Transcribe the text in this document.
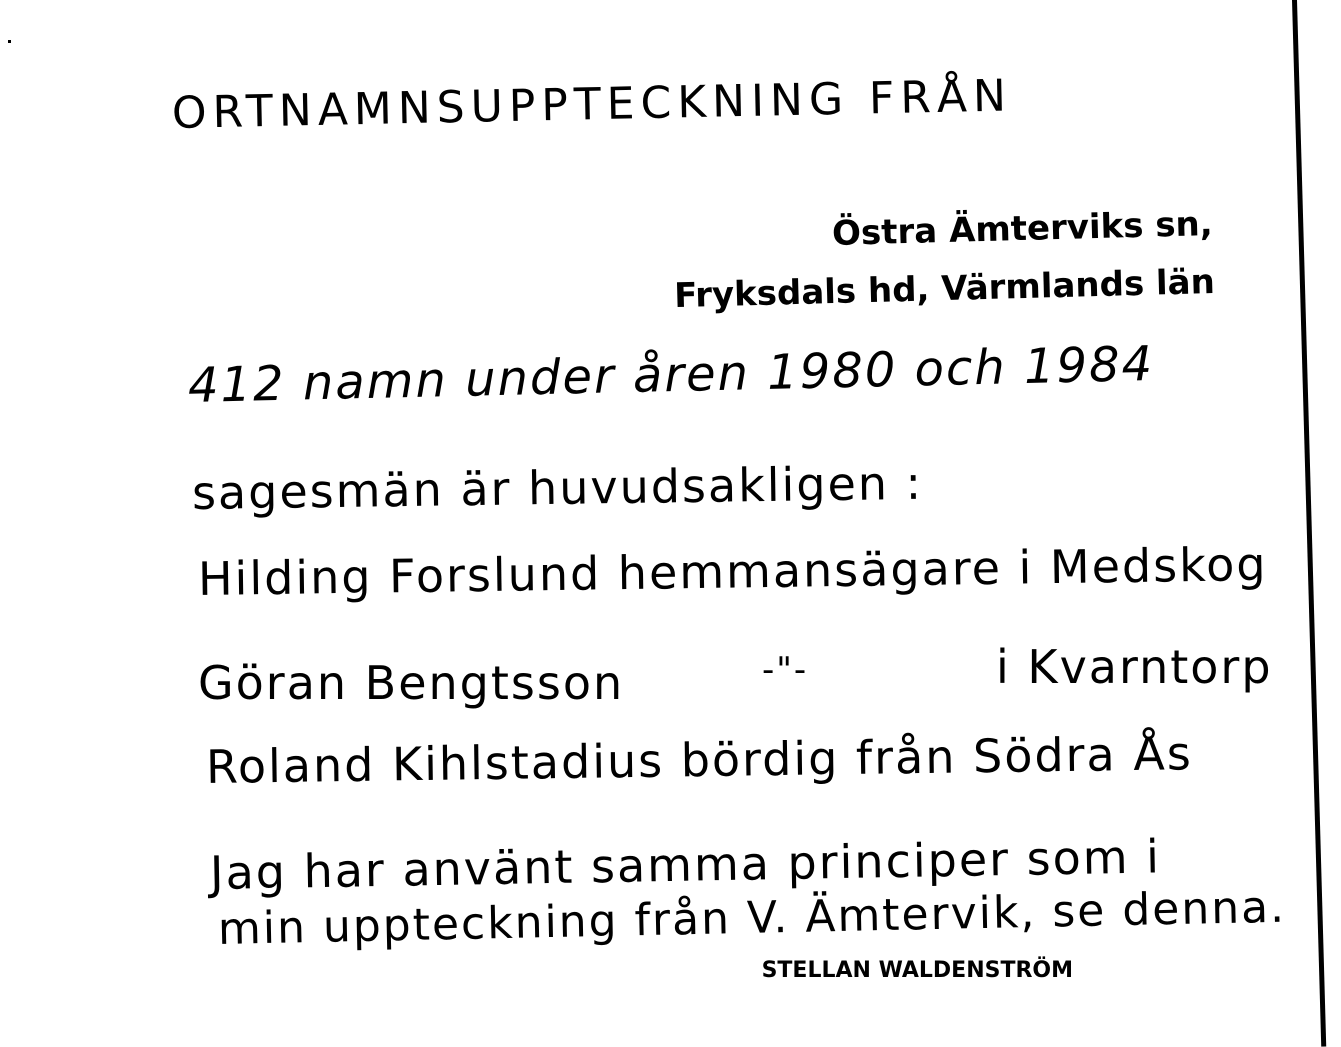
ORTNAMNSUPPTECKNING FRÅN
Östra Ämterviks sn,
Fryksdals hd, Värmlands län
412 namn under åren 1980 och 1984
sagesmän är huvudsakligen :
Hilding Forslund hemmansägare i Medskog
Göran Bengtsson	-"-	i Kvarntorp
Roland Kihlstadius bördig från Södra Ås
Jag har använt samma principer som i
min uppteckning från V. Ämtervik, se denna.
STELLAN WALDENSTRÖM
